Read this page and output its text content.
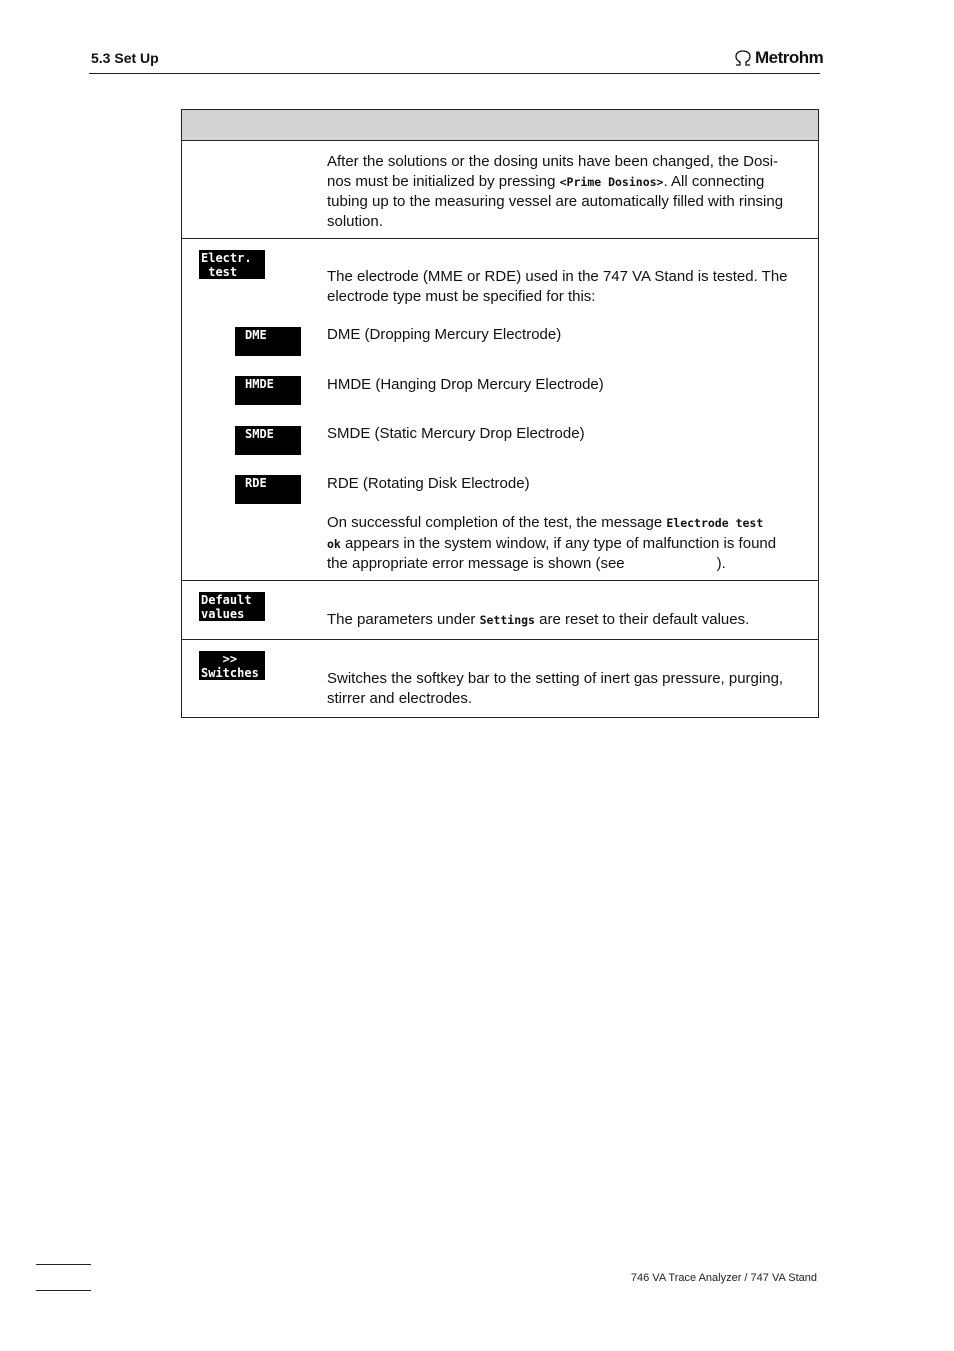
5.3 Set Up	Metrohm
After the solutions or the dosing units have been changed, the Dosi-
nos must be initialized by pressing <Prime Dosinos>. All connecting
tubing up to the measuring vessel are automatically filled with rinsing
solution.
Electr.
test	The electrode (MME or RDE) used in the 747 VA Stand is tested. The
electrode type must be specified for this:
DME	DME (Dropping Mercury Electrode)
HMDE	HMDE (Hanging Drop Mercury Electrode)
SMDE	SMDE (Static Mercury Drop Electrode)
RDE	RDE (Rotating Disk Electrode)
On successful completion of the test, the message Electrode test
ok appears in the system window, if any type of malfunction is found
the appropriate error message is shown (see	).
Default
values	The parameters under Settings are reset to their default values.
>>
Switches	Switches the softkey bar to the setting of inert gas pressure, purging,
stirrer and electrodes.
746 VA Trace Analyzer / 747 VA Stand
